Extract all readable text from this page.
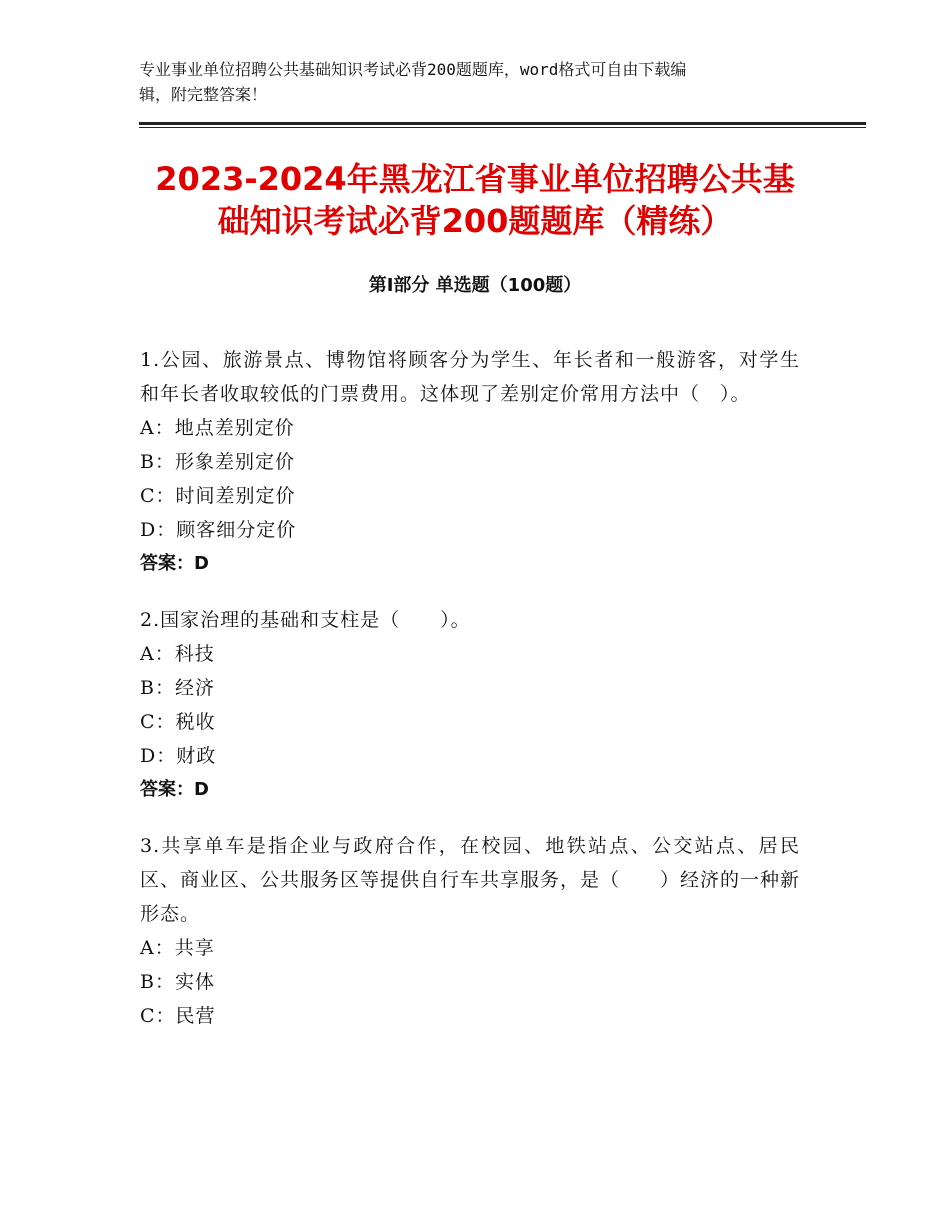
专业事业单位招聘公共基础知识考试必背200题题库，word格式可自由下载编
辑，附完整答案！
2023-2024年黑龙江省事业单位招聘公共基
础知识考试必背200题题库（精练）
第Ⅰ部分 单选题（100题）
1.公园、旅游景点、博物馆将顾客分为学生、年长者和一般游客，对学生和年长者收取较低的门票费用。这体现了差别定价常用方法中（　）。
A：地点差别定价
B：形象差别定价
C：时间差别定价
D：顾客细分定价
答案：D
2.国家治理的基础和支柱是（　　）。
A：科技
B：经济
C：税收
D：财政
答案：D
3.共享单车是指企业与政府合作，在校园、地铁站点、公交站点、居民区、商业区、公共服务区等提供自行车共享服务，是（　　）经济的一种新形态。
A：共享
B：实体
C：民营
